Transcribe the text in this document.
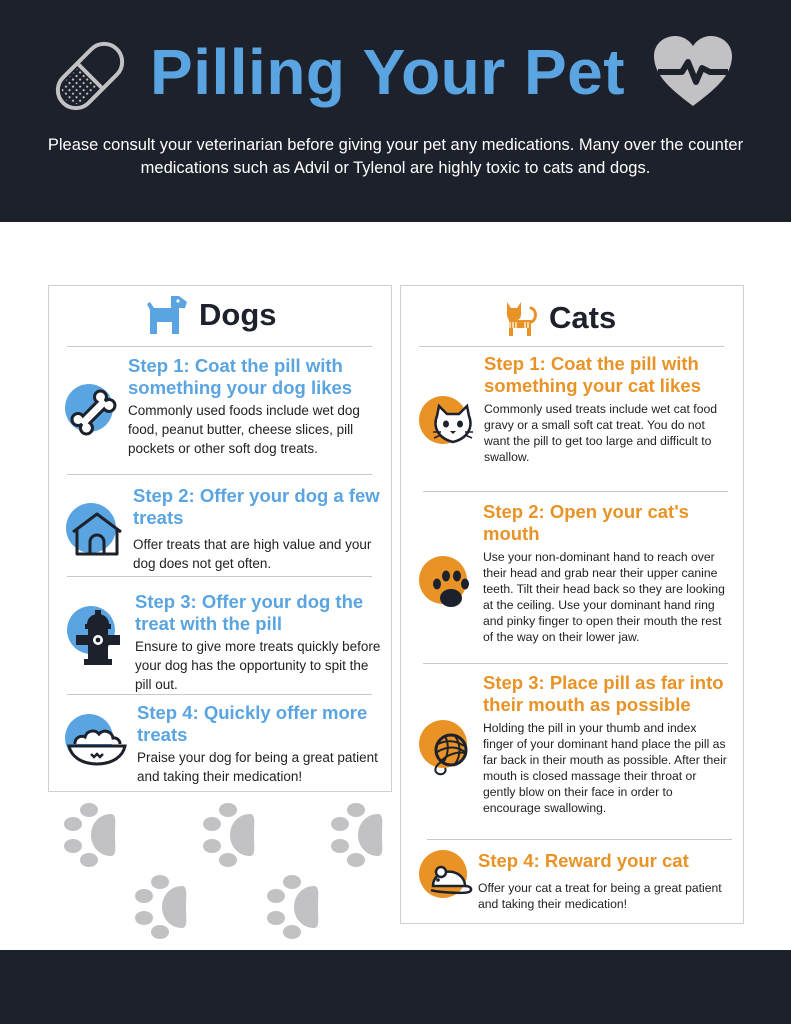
Pilling Your Pet
Please consult your veterinarian before giving your pet any medications. Many over the counter medications such as Advil or Tylenol are highly toxic to cats and dogs.
Dogs
Step 1: Coat the pill with something your dog likes
Commonly used foods include wet dog food, peanut butter, cheese slices, pill pockets or other soft dog treats.
Step 2: Offer your dog a few treats
Offer treats that are high value and your dog does not get often.
Step 3: Offer your dog the treat with the pill
Ensure to give more treats quickly before your dog has the opportunity to spit the pill out.
Step 4: Quickly offer more treats
Praise your dog for being a great patient and taking their medication!
Cats
Step 1: Coat the pill with something your cat likes
Commonly used treats include wet cat food gravy or a small soft cat treat. You do not want the pill to get too large and difficult to swallow.
Step 2: Open your cat's mouth
Use your non-dominant hand to reach over their head and grab near their upper canine teeth. Tilt their head back so they are looking at the ceiling. Use your dominant hand ring and pinky finger to open their mouth the rest of the way on their lower jaw.
Step 3: Place pill as far into their mouth as possible
Holding the pill in your thumb and index finger of your dominant hand place the pill as far back in their mouth as possible. After their mouth is closed massage their throat or gently blow on their face in order to encourage swallowing.
Step 4: Reward your cat
Offer your cat a treat for being a great patient and taking their medication!
